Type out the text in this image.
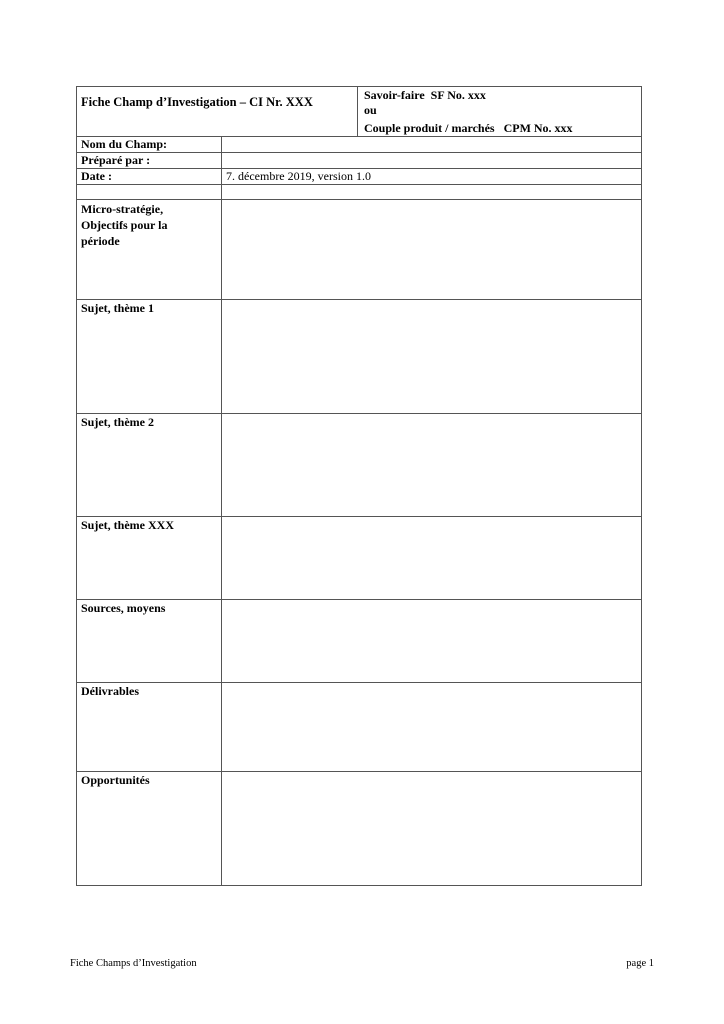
Fiche Champ d’Investigation – CI Nr. XXX	Savoir-faire  SF No. xxx
ou
Couple produit / marchés   CPM No. xxx
Nom du Champ:
Préparé par :
Date :	7. décembre 2019, version 1.0
Micro-stratégie,
Objectifs pour la
période
Sujet, thème 1
Sujet, thème 2
Sujet, thème XXX
Sources, moyens
Délivrables
Opportunités
Fiche Champs d’Investigation	page 1
